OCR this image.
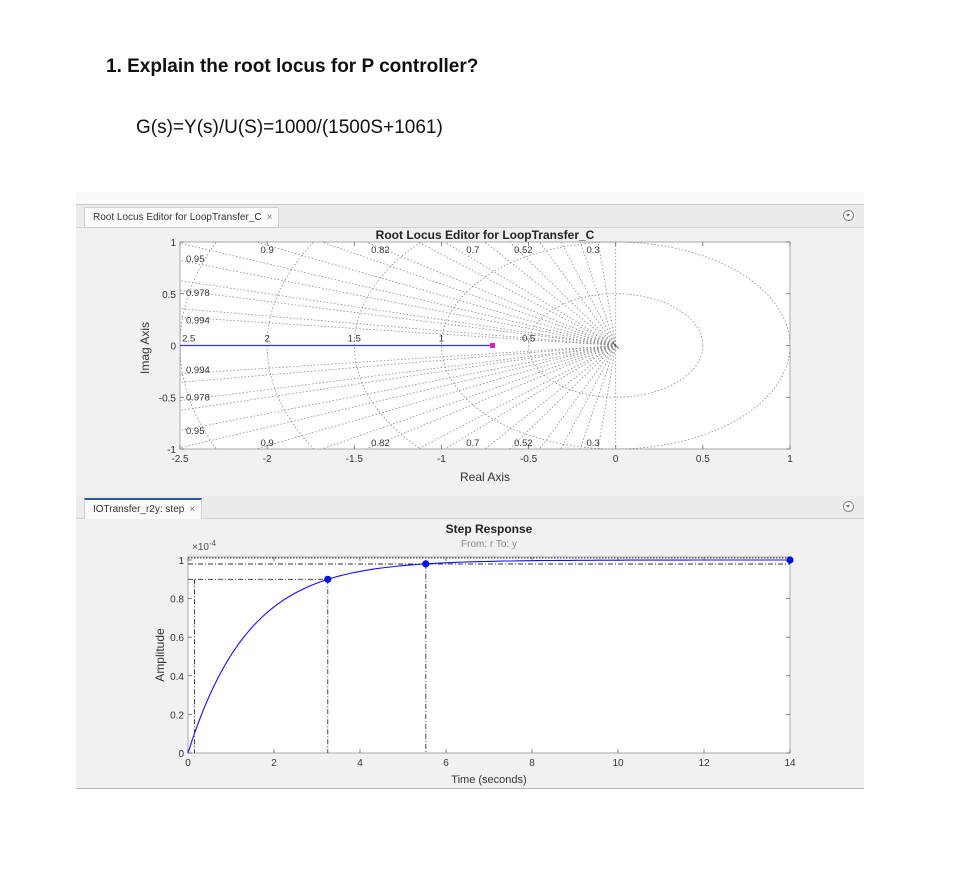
1. Explain the root locus for P controller?
G(s)=Y(s)/U(S)=1000/(1500S+1061)
Root Locus Editor for LoopTransfer_C ×
-2.5	-2	-1.5	-1	-0.5	0	0.5	1
1
0.5
0
-0.5
-1
0.95
0.978
0.994
0.994
0.978
0.95
0.9	0.82	0.7	0.52	0.3
0.9	0.82	0.7	0.52	0.3
2.5	2	1.5	1	0.5
Root Locus Editor for LoopTransfer_C
Real Axis
Imag Axis
IOTransfer_r2y: step ×
0	2	4	6	8	10	12	14
0
0.2
0.4
0.6
0.8
1
Step Response
From: r To: y
Time (seconds)
Amplitude
$\times 10^{-4}$
